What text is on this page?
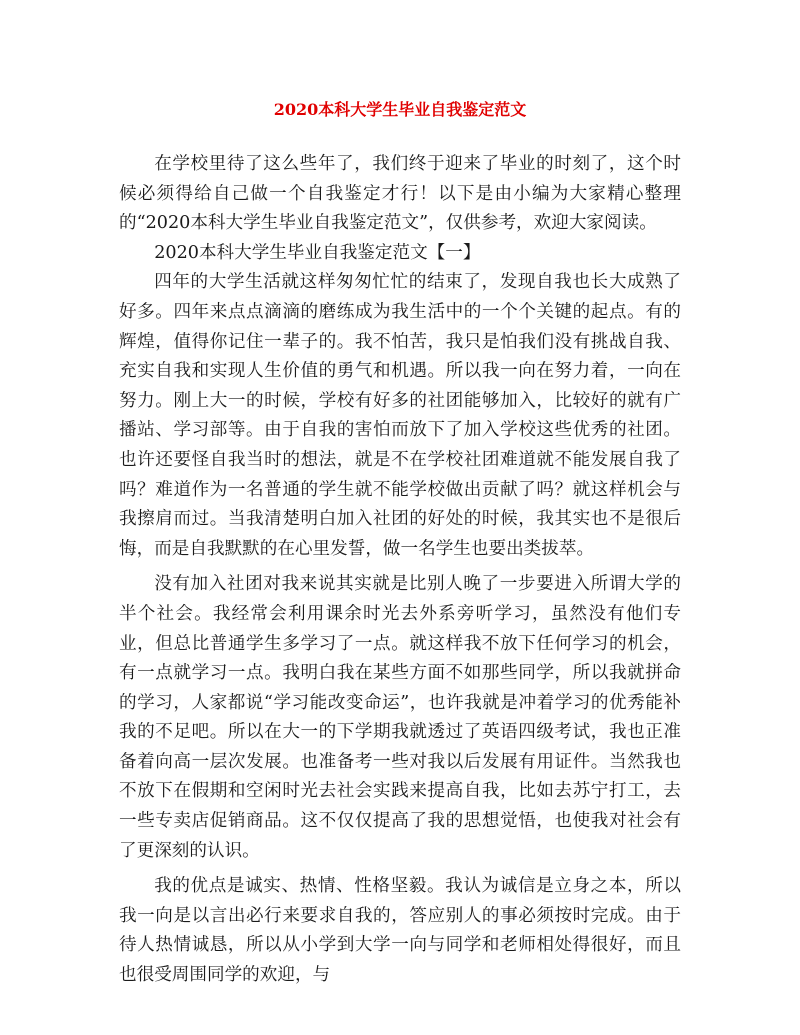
2020本科大学生毕业自我鉴定范文

在学校里待了这么些年了，我们终于迎来了毕业的时刻了，这个时候必须得给自己做一个自我鉴定才行！以下是由小编为大家精心整理的“2020本科大学生毕业自我鉴定范文”，仅供参考，欢迎大家阅读。

2020本科大学生毕业自我鉴定范文【一】

四年的大学生活就这样匆匆忙忙的结束了，发现自我也长大成熟了好多。四年来点点滴滴的磨练成为我生活中的一个个关键的起点。有的辉煌，值得你记住一辈子的。我不怕苦，我只是怕我们没有挑战自我、充实自我和实现人生价值的勇气和机遇。所以我一向在努力着，一向在努力。刚上大一的时候，学校有好多的社团能够加入，比较好的就有广播站、学习部等。由于自我的害怕而放下了加入学校这些优秀的社团。也许还要怪自我当时的想法，就是不在学校社团难道就不能发展自我了吗？难道作为一名普通的学生就不能学校做出贡献了吗？就这样机会与我擦肩而过。当我清楚明白加入社团的好处的时候，我其实也不是很后悔，而是自我默默的在心里发誓，做一名学生也要出类拔萃。

没有加入社团对我来说其实就是比别人晚了一步要进入所谓大学的半个社会。我经常会利用课余时光去外系旁听学习，虽然没有他们专业，但总比普通学生多学习了一点。就这样我不放下任何学习的机会，有一点就学习一点。我明白我在某些方面不如那些同学，所以我就拼命的学习，人家都说“学习能改变命运”，也许我就是冲着学习的优秀能补我的不足吧。所以在大一的下学期我就透过了英语四级考试，我也正准备着向高一层次发展。也准备考一些对我以后发展有用证件。当然我也不放下在假期和空闲时光去社会实践来提高自我，比如去苏宁打工，去一些专卖店促销商品。这不仅仅提高了我的思想觉悟，也使我对社会有了更深刻的认识。

我的优点是诚实、热情、性格坚毅。我认为诚信是立身之本，所以我一向是以言出必行来要求自我的，答应别人的事必须按时完成。由于待人热情诚恳，所以从小学到大学一向与同学和老师相处得很好，而且也很受周围同学的欢迎，与
